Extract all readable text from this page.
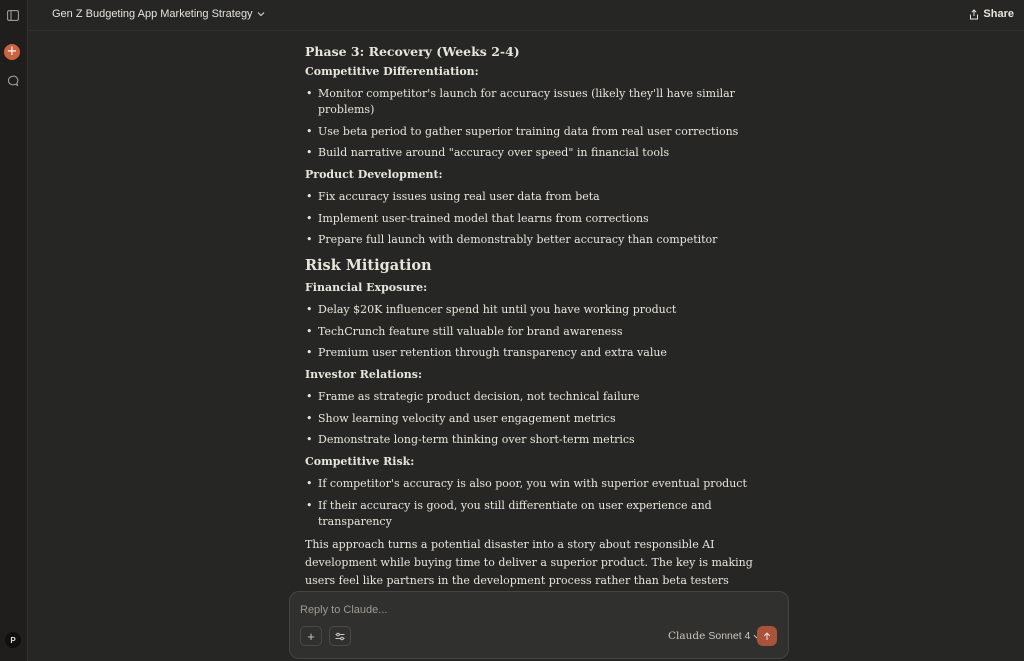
+
P
Gen Z Budgeting App Marketing Strategy	Share
Phase 3: Recovery (Weeks 2-4)
Competitive Differentiation:
• Monitor competitor's launch for accuracy issues (likely they'll have similar problems)
• Use beta period to gather superior training data from real user corrections
• Build narrative around "accuracy over speed" in financial tools
Product Development:
• Fix accuracy issues using real user data from beta
• Implement user-trained model that learns from corrections
• Prepare full launch with demonstrably better accuracy than competitor
Risk Mitigation
Financial Exposure:
• Delay $20K influencer spend hit until you have working product
• TechCrunch feature still valuable for brand awareness
• Premium user retention through transparency and extra value
Investor Relations:
• Frame as strategic product decision, not technical failure
• Show learning velocity and user engagement metrics
• Demonstrate long-term thinking over short-term metrics
Competitive Risk:
• If competitor's accuracy is also poor, you win with superior eventual product
• If their accuracy is good, you still differentiate on user experience and transparency
This approach turns a potential disaster into a story about responsible AI development while buying time to deliver a superior product. The key is making users feel like partners in the development process rather than beta testers
Reply to Claude...
+	Claude Sonnet 4
